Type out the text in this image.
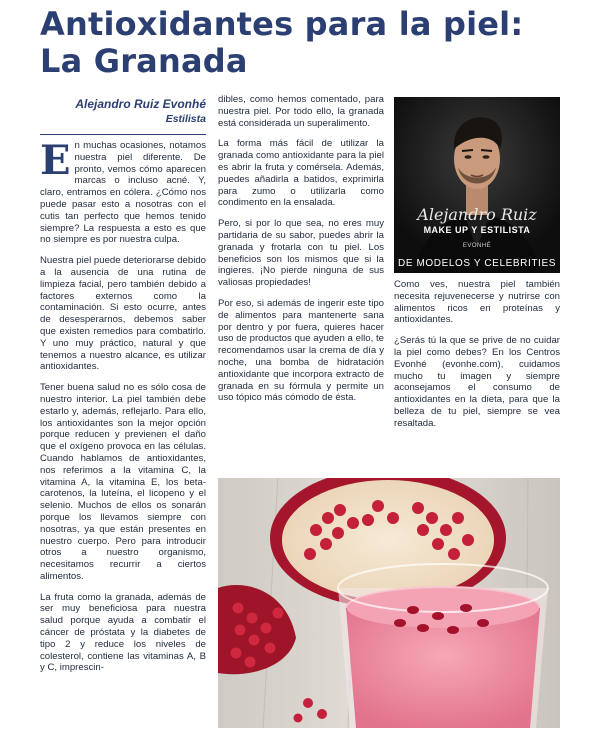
Antioxidantes para la piel:
La Granada
Alejandro Ruiz Evonhé
Estilista

En muchas ocasiones, notamos nuestra piel diferente. De pronto, vemos cómo aparecen marcas o incluso acné. Y, claro, entramos en cólera. ¿Cómo nos puede pasar esto a nosotras con el cutis tan perfecto que hemos tenido siempre? La respuesta a esto es que no siempre es por nuestra culpa.

Nuestra piel puede deteriorarse debido a la ausencia de una rutina de limpieza facial, pero también debido a factores externos como la contaminación. Si esto ocurre, antes de desesperarnos, debemos saber que existen remedios para combatirlo. Y uno muy práctico, natural y que tenemos a nuestro alcance, es utilizar antioxidantes.

Tener buena salud no es sólo cosa de nuestro interior. La piel también debe estarlo y, además, reflejarlo. Para ello, los antioxidantes son la mejor opción porque reducen y previenen el daño que el oxígeno provoca en las células. Cuando hablamos de antioxidantes, nos referimos a la vitamina C, la vitamina A, la vitamina E, los beta-carotenos, la luteína, el licopeno y el selenio. Muchos de ellos os sonarán porque los llevamos siempre con nosotras, ya que están presentes en nuestro cuerpo. Pero para introducir otros a nuestro organismo, necesitamos recurrir a ciertos alimentos.

La fruta como la granada, además de ser muy beneficiosa para nuestra salud porque ayuda a combatir el cáncer de próstata y la diabetes de tipo 2 y reduce los niveles de colesterol, contiene las vitaminas A, B y C, imprescin-

dibles, como hemos comentado, para nuestra piel. Por todo ello, la granada está considerada un superalimento.

La forma más fácil de utilizar la granada como antioxidante para la piel es abrir la fruta y comérsela. Además, puedes añadirla a batidos, exprimirla para zumo o utilizarla como condimento en la ensalada.

Pero, si por lo que sea, no eres muy partidaria de su sabor, puedes abrir la granada y frotarla con tu piel. Los beneficios son los mismos que si la ingieres. ¡No pierde ninguna de sus valiosas propiedades!

Por eso, si además de ingerir este tipo de alimentos para mantenerte sana por dentro y por fuera, quieres hacer uso de productos que ayuden a ello, te recomendamos usar la crema de día y noche, una bomba de hidratación antioxidante que incorpora extracto de granada en su fórmula y permite un uso tópico más cómodo de ésta.

Alejandro Ruiz
MAKE UP Y ESTILISTA
EVONHÉ
DE MODELOS Y CELEBRITIES

Como ves, nuestra piel también necesita rejuvenecerse y nutrirse con alimentos ricos en proteínas y antioxidantes.

¿Serás tú la que se prive de no cuidar la piel como debes? En los Centros Evonhé (evonhe.com), cuidamos mucho tu imagen y siempre aconsejamos el consumo de antioxidantes en la dieta, para que la belleza de tu piel, siempre se vea resaltada.
